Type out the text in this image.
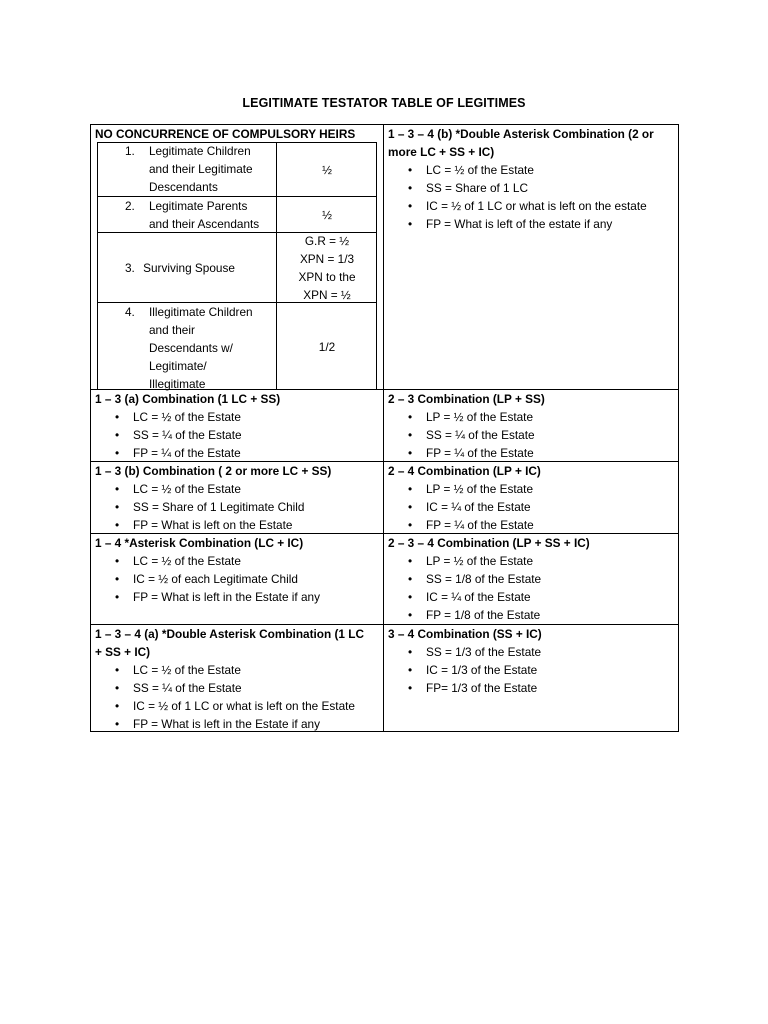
LEGITIMATE TESTATOR TABLE OF LEGITIMES
NO CONCURRENCE OF COMPULSORY HEIRS
1. Legitimate Children
and their Legitimate
Descendants
½
2. Legitimate Parents
and their Ascendants
½
3. Surviving Spouse
G.R = ½
XPN = 1/3
XPN to the
XPN = ½
4. Illegitimate Children
and their
Descendants w/
Legitimate/
Illegitimate
1/2
1 – 3 – 4 (b) *Double Asterisk Combination (2 or
more LC + SS + IC)
• LC = ½ of the Estate
• SS = Share of 1 LC
• IC = ½ of 1 LC or what is left on the estate
• FP = What is left of the estate if any
1 – 3 (a) Combination (1 LC + SS)
• LC = ½ of the Estate
• SS = ¼ of the Estate
• FP = ¼ of the Estate
2 – 3 Combination (LP + SS)
• LP = ½ of the Estate
• SS = ¼ of the Estate
• FP = ¼ of the Estate
1 – 3 (b) Combination ( 2 or more LC + SS)
• LC = ½ of the Estate
• SS = Share of 1 Legitimate Child
• FP = What is left on the Estate
2 – 4 Combination (LP + IC)
• LP = ½ of the Estate
• IC = ¼ of the Estate
• FP = ¼ of the Estate
1 – 4 *Asterisk Combination (LC + IC)
• LC = ½ of the Estate
• IC = ½ of each Legitimate Child
• FP = What is left in the Estate if any
2 – 3 – 4 Combination (LP + SS + IC)
• LP = ½ of the Estate
• SS = 1/8 of the Estate
• IC = ¼ of the Estate
• FP = 1/8 of the Estate
1 – 3 – 4 (a) *Double Asterisk Combination (1 LC
+ SS + IC)
• LC = ½ of the Estate
• SS = ¼ of the Estate
• IC = ½ of 1 LC or what is left on the Estate
• FP = What is left in the Estate if any
3 – 4 Combination (SS + IC)
• SS = 1/3 of the Estate
• IC = 1/3 of the Estate
• FP= 1/3 of the Estate
